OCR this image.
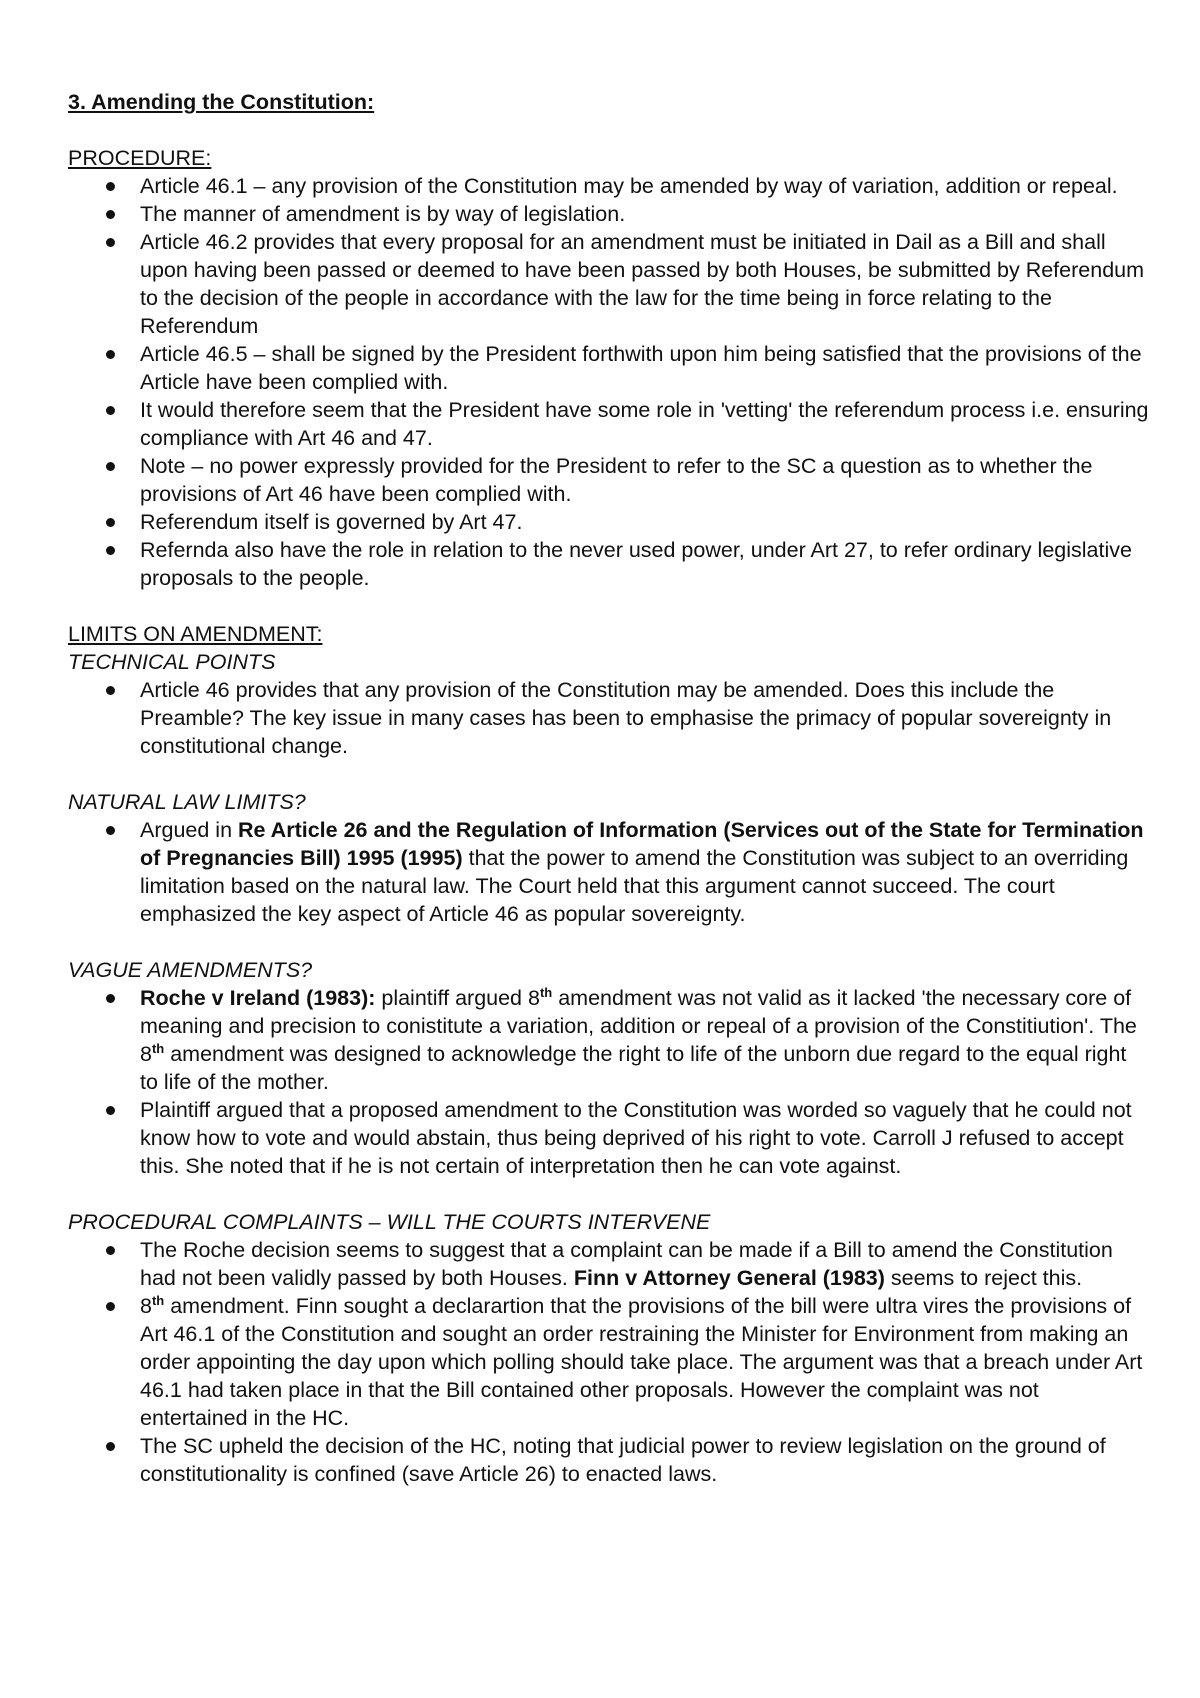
3. Amending the Constitution:

PROCEDURE:

Article 46.1 – any provision of the Constitution may be amended by way of variation, addition or repeal.
The manner of amendment is by way of legislation.
Article 46.2 provides that every proposal for an amendment must be initiated in Dail as a Bill and shall upon having been passed or deemed to have been passed by both Houses, be submitted by Referendum to the decision of the people in accordance with the law for the time being in force relating to the Referendum
Article 46.5 – shall be signed by the President forthwith upon him being satisfied that the provisions of the Article have been complied with.
It would therefore seem that the President have some role in 'vetting' the referendum process i.e. ensuring compliance with Art 46 and 47.
Note – no power expressly provided for the President to refer to the SC a question as to whether the provisions of Art 46 have been complied with.
Referendum itself is governed by Art 47.
Refernda also have the role in relation to the never used power, under Art 27, to refer ordinary legislative proposals to the people.

LIMITS ON AMENDMENT:

TECHNICAL POINTS

Article 46 provides that any provision of the Constitution may be amended. Does this include the Preamble? The key issue in many cases has been to emphasise the primacy of popular sovereignty in constitutional change.

NATURAL LAW LIMITS?

Argued in Re Article 26 and the Regulation of Information (Services out of the State for Termination of Pregnancies Bill) 1995 (1995) that the power to amend the Constitution was subject to an overriding limitation based on the natural law. The Court held that this argument cannot succeed. The court emphasized the key aspect of Article 46 as popular sovereignty.

VAGUE AMENDMENTS?

Roche v Ireland (1983): plaintiff argued 8th amendment was not valid as it lacked 'the necessary core of meaning and precision to conistitute a variation, addition or repeal of a provision of the Constitiution'. The 8th amendment was designed to acknowledge the right to life of the unborn due regard to the equal right to life of the mother.
Plaintiff argued that a proposed amendment to the Constitution was worded so vaguely that he could not know how to vote and would abstain, thus being deprived of his right to vote. Carroll J refused to accept this. She noted that if he is not certain of interpretation then he can vote against.

PROCEDURAL COMPLAINTS – WILL THE COURTS INTERVENE

The Roche decision seems to suggest that a complaint can be made if a Bill to amend the Constitution had not been validly passed by both Houses. Finn v Attorney General (1983) seems to reject this.
8th amendment. Finn sought a declarartion that the provisions of the bill were ultra vires the provisions of Art 46.1 of the Constitution and sought an order restraining the Minister for Environment from making an order appointing the day upon which polling should take place. The argument was that a breach under Art 46.1 had taken place in that the Bill contained other proposals. However the complaint was not entertained in the HC.
The SC upheld the decision of the HC, noting that judicial power to review legislation on the ground of constitutionality is confined (save Article 26) to enacted laws.
